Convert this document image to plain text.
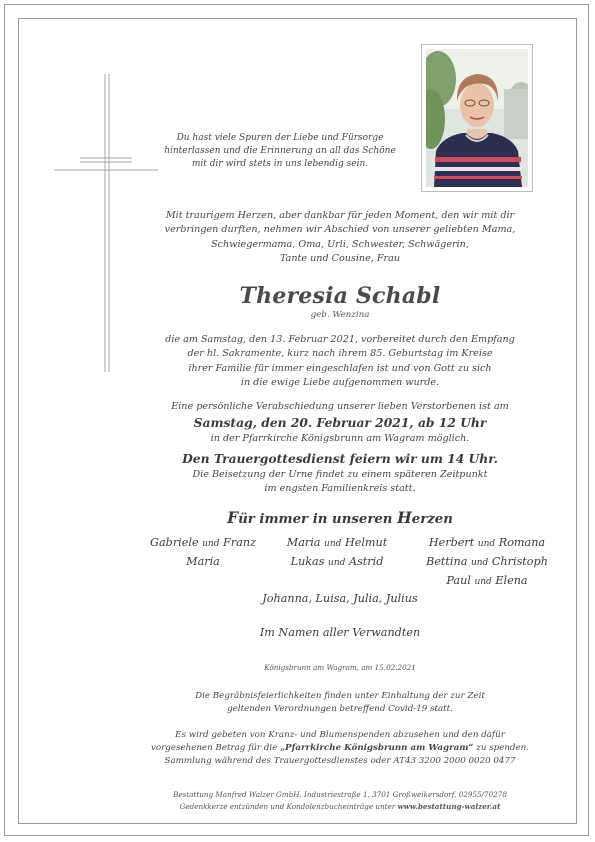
Du hast viele Spuren der Liebe und Fürsorge
hinterlassen und die Erinnerung an all das Schöne
mit dir wird stets in uns lebendig sein.
Mit traurigem Herzen, aber dankbar für jeden Moment, den wir mit dir
verbringen durften, nehmen wir Abschied von unserer geliebten Mama,
Schwiegermama, Oma, Urli, Schwester, Schwägerin,
Tante und Cousine, Frau
Theresia Schabl
geb. Wenzina
die am Samstag, den 13. Februar 2021, vorbereitet durch den Empfang
der hl. Sakramente, kurz nach ihrem 85. Geburtstag im Kreise
ihrer Familie für immer eingeschlafen ist und von Gott zu sich
in die ewige Liebe aufgenommen wurde.
Eine persönliche Verabschiedung unserer lieben Verstorbenen ist am
Samstag, den 20. Februar 2021, ab 12 Uhr
in der Pfarrkirche Königsbrunn am Wagram möglich.
Den Trauergottesdienst feiern wir um 14 Uhr.
Die Beisetzung der Urne findet zu einem späteren Zeitpunkt
im engsten Familienkreis statt.
Für immer in unseren Herzen
Gabriele und Franz
Maria
Maria und Helmut
Lukas und Astrid
Herbert und Romana
Bettina und Christoph
Paul und Elena
Johanna, Luisa, Julia, Julius
Im Namen aller Verwandten
Königsbrunn am Wagram, am 15.02.2021
Die Begräbnisfeierlichkeiten finden unter Einhaltung der zur Zeit
geltenden Verordnungen betreffend Covid-19 statt.
Es wird gebeten von Kranz- und Blumenspenden abzusehen und den dafür
vorgesehenen Betrag für die „Pfarrkirche Königsbrunn am Wagram“ zu spenden.
Sammlung während des Trauergottesdienstes oder AT43 3200 2000 0020 0477
Bestattung Manfred Walzer GmbH, Industriestraße 1, 3701 Großweikersdorf, 02955/70278
Gedenkkerze entzünden und Kondolenzbucheinträge unter www.bestattung-walzer.at
